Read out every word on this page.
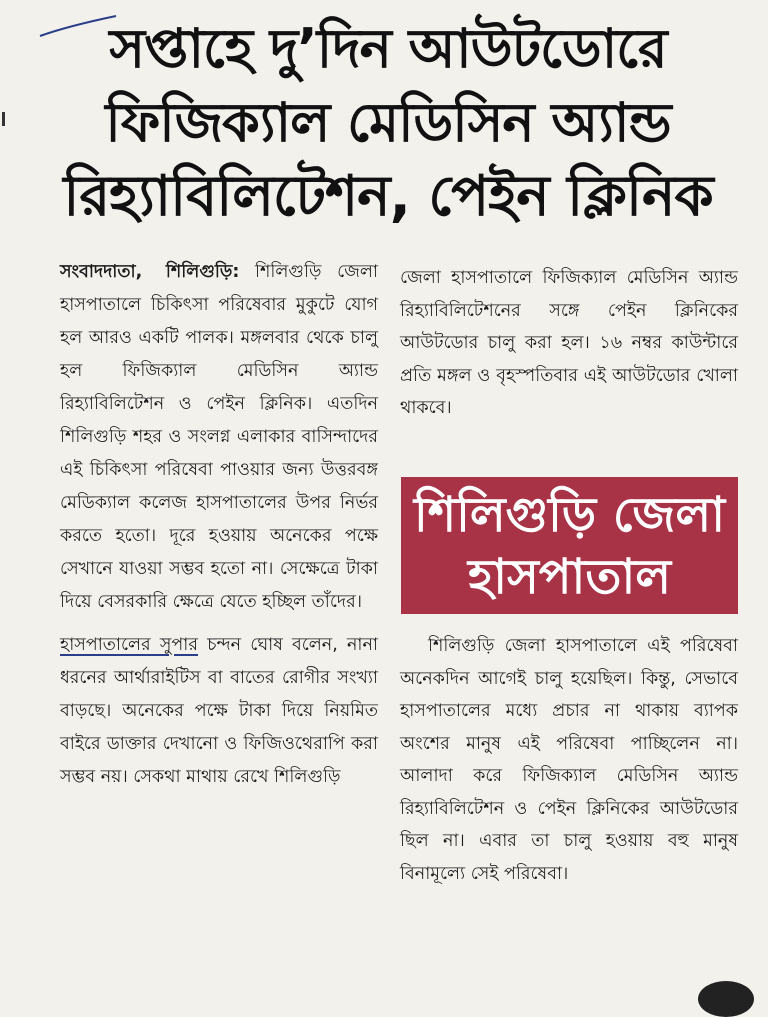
সপ্তাহে দু’দিন আউটডোরে
ফিজিক্যাল মেডিসিন অ্যান্ড
রিহ্যাবিলিটেশন, পেইন ক্লিনিক

সংবাদদাতা, শিলিগুড়ি: শিলিগুড়ি জেলা হাসপাতালে চিকিৎসা পরিষেবার মুকুটে যোগ হল আরও একটি পালক। মঙ্গলবার থেকে চালু হল ফিজিক্যাল মেডিসিন অ্যান্ড রিহ্যাবিলিটেশন ও পেইন ক্লিনিক। এতদিন শিলিগুড়ি শহর ও সংলগ্ন এলাকার বাসিন্দাদের এই চিকিৎসা পরিষেবা পাওয়ার জন্য উত্তরবঙ্গ মেডিক্যাল কলেজ হাসপাতালের উপর নির্ভর করতে হতো। দূরে হওয়ায় অনেকের পক্ষে সেখানে যাওয়া সম্ভব হতো না। সেক্ষেত্রে টাকা দিয়ে বেসরকারি ক্ষেত্রে যেতে হচ্ছিল তাঁদের।

হাসপাতালের সুপার চন্দন ঘোষ বলেন, নানা ধরনের আর্থারাইটিস বা বাতের রোগীর সংখ্যা বাড়ছে। অনেকের পক্ষে টাকা দিয়ে নিয়মিত বাইরে ডাক্তার দেখানো ও ফিজিওথেরাপি করা সম্ভব নয়। সেকথা মাথায় রেখে শিলিগুড়ি

জেলা হাসপাতালে ফিজিক্যাল মেডিসিন অ্যান্ড রিহ্যাবিলিটেশনের সঙ্গে পেইন ক্লিনিকের আউটডোর চালু করা হল। ১৬ নম্বর কাউন্টারে প্রতি মঙ্গল ও বৃহস্পতিবার এই আউটডোর খোলা থাকবে।

শিলিগুড়ি জেলা
হাসপাতাল

শিলিগুড়ি জেলা হাসপাতালে এই পরিষেবা অনেকদিন আগেই চালু হয়েছিল। কিন্তু, সেভাবে হাসপাতালের মধ্যে প্রচার না থাকায় ব্যাপক অংশের মানুষ এই পরিষেবা পাচ্ছিলেন না। আলাদা করে ফিজিক্যাল মেডিসিন অ্যান্ড রিহ্যাবিলিটেশন ও পেইন ক্লিনিকের আউটডোর ছিল না। এবার তা চালু হওয়ায় বহু মানুষ বিনামূল্যে সেই পরিষেবা।
